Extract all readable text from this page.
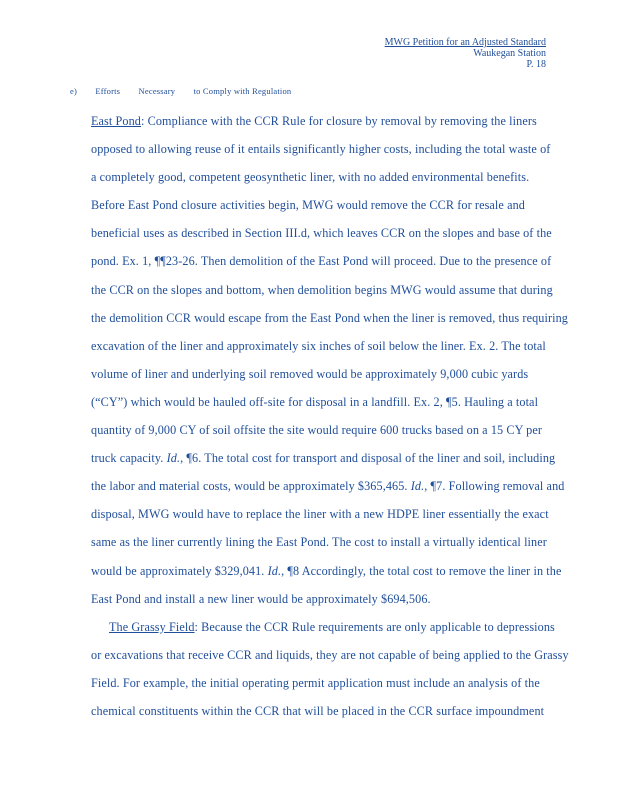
MWG Petition for an Adjusted Standard
Waukegan Station
P. 18
e) Efforts Necessary to Comply with Regulation
East Pond: Compliance with the CCR Rule for closure by removal by removing the liners
opposed to allowing reuse of it entails significantly higher costs, including the total waste of
a completely good, competent geosynthetic liner, with no added environmental benefits.
Before East Pond closure activities begin, MWG would remove the CCR for resale and
beneficial uses as described in Section III.d, which leaves CCR on the slopes and base of the
pond. Ex. 1, ¶¶23-26. Then demolition of the East Pond will proceed. Due to the presence of
the CCR on the slopes and bottom, when demolition begins MWG would assume that during
the demolition CCR would escape from the East Pond when the liner is removed, thus requiring
excavation of the liner and approximately six inches of soil below the liner. Ex. 2. The total
volume of liner and underlying soil removed would be approximately 9,000 cubic yards
(“CY”) which would be hauled off-site for disposal in a landfill. Ex. 2, ¶5. Hauling a total
quantity of 9,000 CY of soil offsite the site would require 600 trucks based on a 15 CY per
truck capacity. Id., ¶6. The total cost for transport and disposal of the liner and soil, including
the labor and material costs, would be approximately $365,465. Id., ¶7. Following removal and
disposal, MWG would have to replace the liner with a new HDPE liner essentially the exact
same as the liner currently lining the East Pond. The cost to install a virtually identical liner
would be approximately $329,041. Id., ¶8 Accordingly, the total cost to remove the liner in the
East Pond and install a new liner would be approximately $694,506.
The Grassy Field: Because the CCR Rule requirements are only applicable to depressions
or excavations that receive CCR and liquids, they are not capable of being applied to the Grassy
Field. For example, the initial operating permit application must include an analysis of the
chemical constituents within the CCR that will be placed in the CCR surface impoundment
